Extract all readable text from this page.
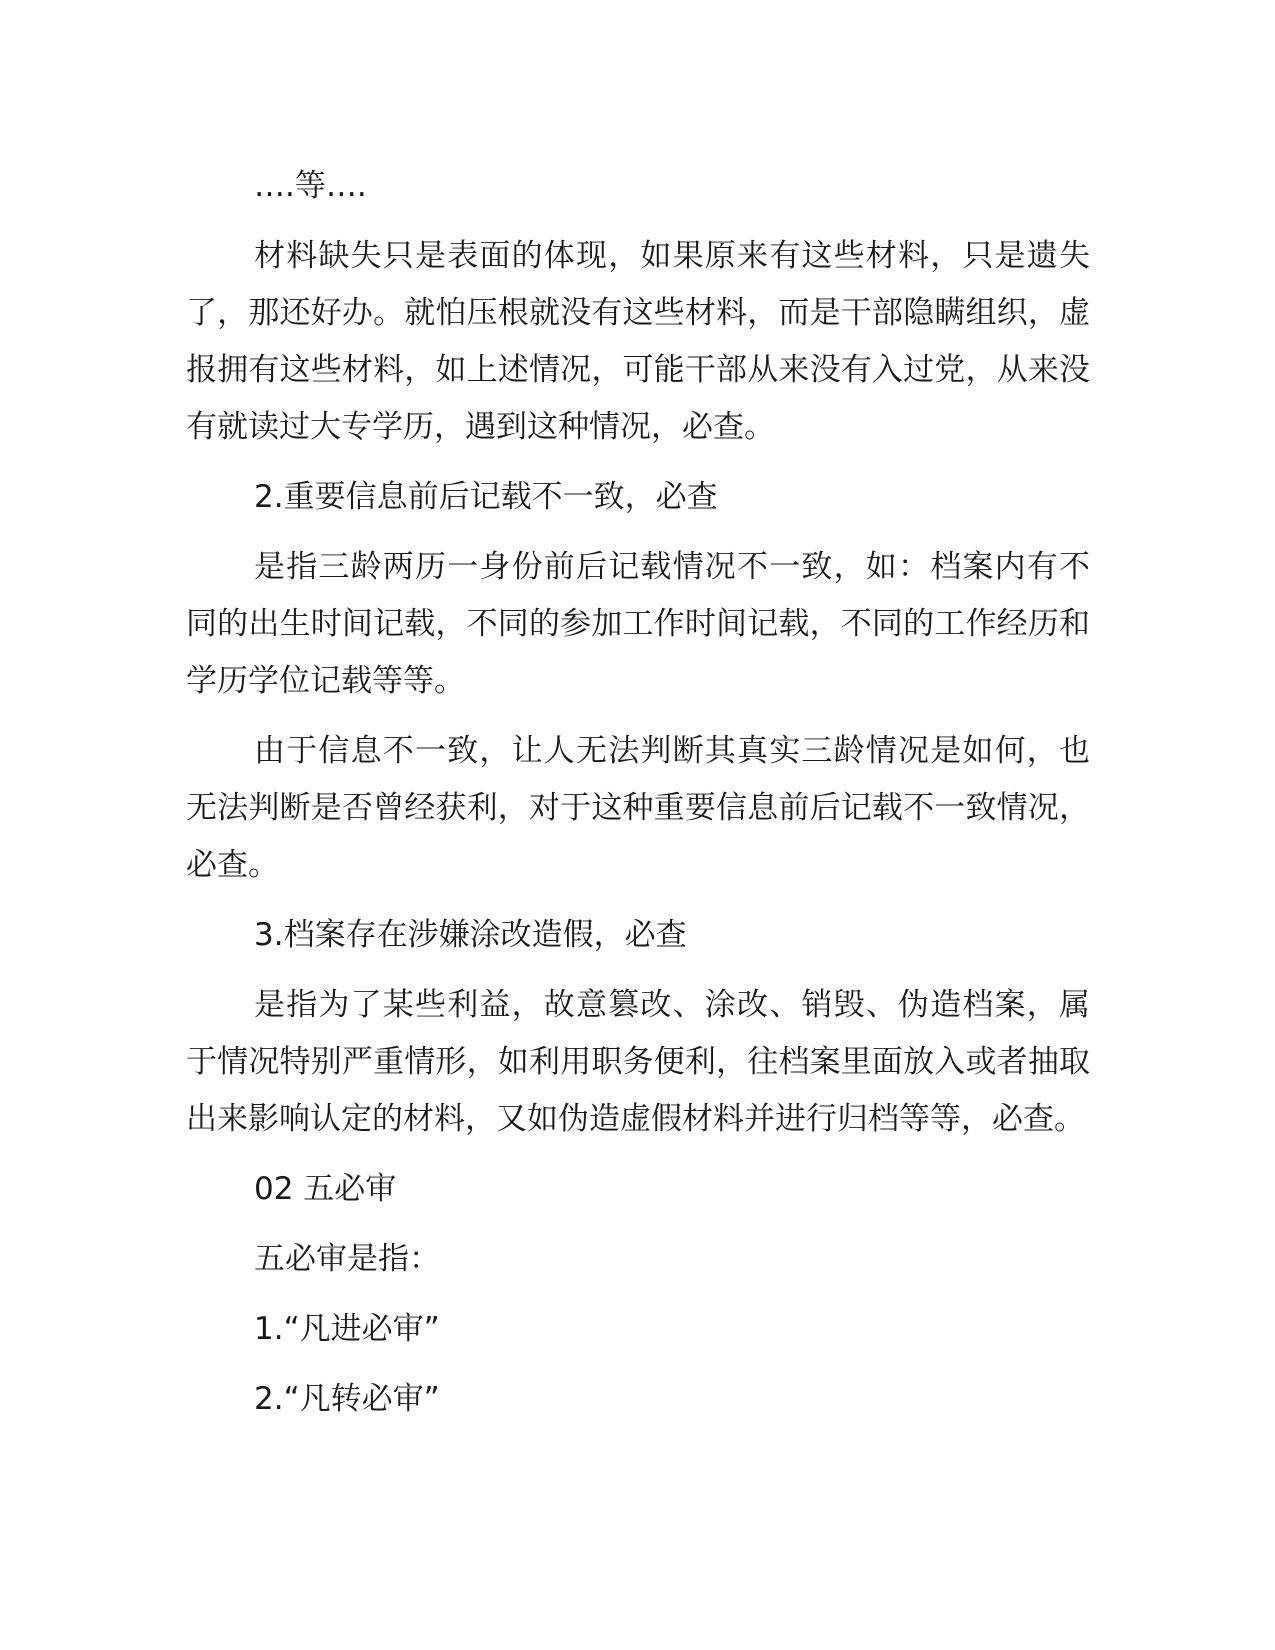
….等….

材料缺失只是表面的体现，如果原来有这些材料，只是遗失了，那还好办。就怕压根就没有这些材料，而是干部隐瞒组织，虚报拥有这些材料，如上述情况，可能干部从来没有入过党，从来没有就读过大专学历，遇到这种情况，必查。

2.重要信息前后记载不一致，必查

是指三龄两历一身份前后记载情况不一致，如：档案内有不同的出生时间记载，不同的参加工作时间记载，不同的工作经历和学历学位记载等等。

由于信息不一致，让人无法判断其真实三龄情况是如何，也无法判断是否曾经获利，对于这种重要信息前后记载不一致情况，必查。

3.档案存在涉嫌涂改造假，必查

是指为了某些利益，故意篡改、涂改、销毁、伪造档案，属于情况特别严重情形，如利用职务便利，往档案里面放入或者抽取出来影响认定的材料，又如伪造虚假材料并进行归档等等，必查。

02 五必审

五必审是指：

1.“凡进必审”

2.“凡转必审”
